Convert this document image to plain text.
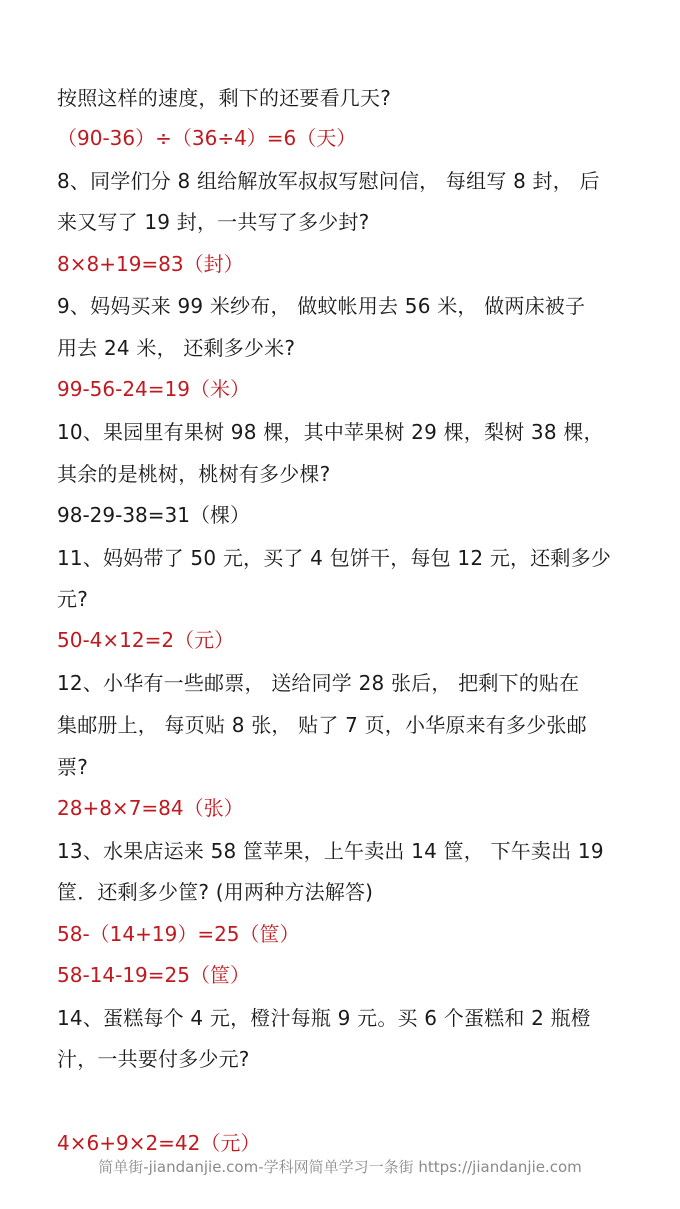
按照这样的速度，剩下的还要看几天?
（90-36）÷（36÷4）=6（天）
8、同学们分 8 组给解放军叔叔写慰问信， 每组写 8 封， 后
来又写了 19 封，一共写了多少封?
8×8+19=83（封）
9、妈妈买来 99 米纱布， 做蚊帐用去 56 米， 做两床被子
用去 24 米， 还剩多少米?
99-56-24=19（米）
10、果园里有果树 98 棵，其中苹果树 29 棵，梨树 38 棵，
其余的是桃树，桃树有多少棵?
98-29-38=31（棵）
11、妈妈带了 50 元，买了 4 包饼干，每包 12 元，还剩多少
元?
50-4×12=2（元）
12、小华有一些邮票， 送给同学 28 张后， 把剩下的贴在
集邮册上， 每页贴 8 张， 贴了 7 页，小华原来有多少张邮
票?
28+8×7=84（张）
13、水果店运来 58 筐苹果，上午卖出 14 筐， 下午卖出 19
筐．还剩多少筐? (用两种方法解答)
58-（14+19）=25（筐）
58-14-19=25（筐）
14、蛋糕每个 4 元，橙汁每瓶 9 元。买 6 个蛋糕和 2 瓶橙
汁，一共要付多少元?
4×6+9×2=42（元）
简单街-jiandanjie.com-学科网简单学习一条街 https://jiandanjie.com
